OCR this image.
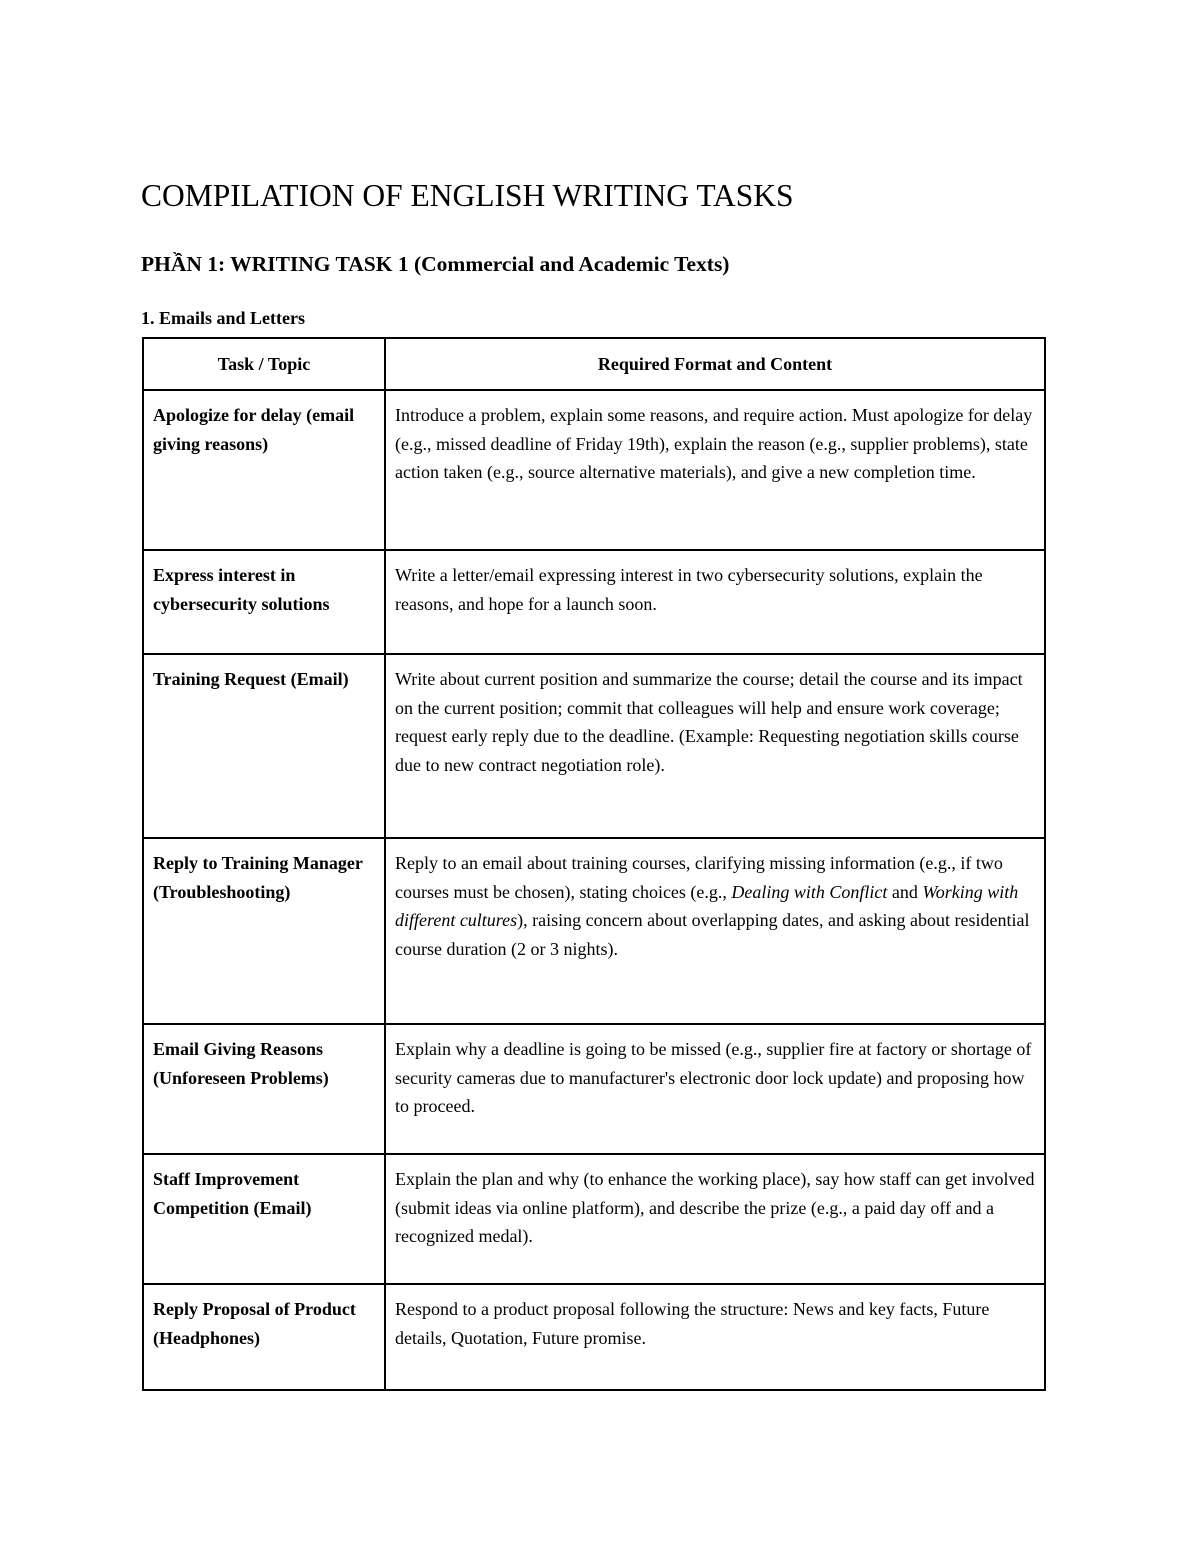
COMPILATION OF ENGLISH WRITING TASKS
PHẦN 1: WRITING TASK 1 (Commercial and Academic Texts)
1. Emails and Letters
Task / Topic	Required Format and Content
Apologize for delay (email giving reasons)	Introduce a problem, explain some reasons, and require action. Must apologize for delay (e.g., missed deadline of Friday 19th), explain the reason (e.g., supplier problems), state action taken (e.g., source alternative materials), and give a new completion time.
Express interest in cybersecurity solutions	Write a letter/email expressing interest in two cybersecurity solutions, explain the reasons, and hope for a launch soon.
Training Request (Email)	Write about current position and summarize the course; detail the course and its impact on the current position; commit that colleagues will help and ensure work coverage; request early reply due to the deadline. (Example: Requesting negotiation skills course due to new contract negotiation role).
Reply to Training Manager (Troubleshooting)	Reply to an email about training courses, clarifying missing information (e.g., if two courses must be chosen), stating choices (e.g., Dealing with Conflict and Working with different cultures), raising concern about overlapping dates, and asking about residential course duration (2 or 3 nights).
Email Giving Reasons (Unforeseen Problems)	Explain why a deadline is going to be missed (e.g., supplier fire at factory or shortage of security cameras due to manufacturer's electronic door lock update) and proposing how to proceed.
Staff Improvement Competition (Email)	Explain the plan and why (to enhance the working place), say how staff can get involved (submit ideas via online platform), and describe the prize (e.g., a paid day off and a recognized medal).
Reply Proposal of Product (Headphones)	Respond to a product proposal following the structure: News and key facts, Future details, Quotation, Future promise.
